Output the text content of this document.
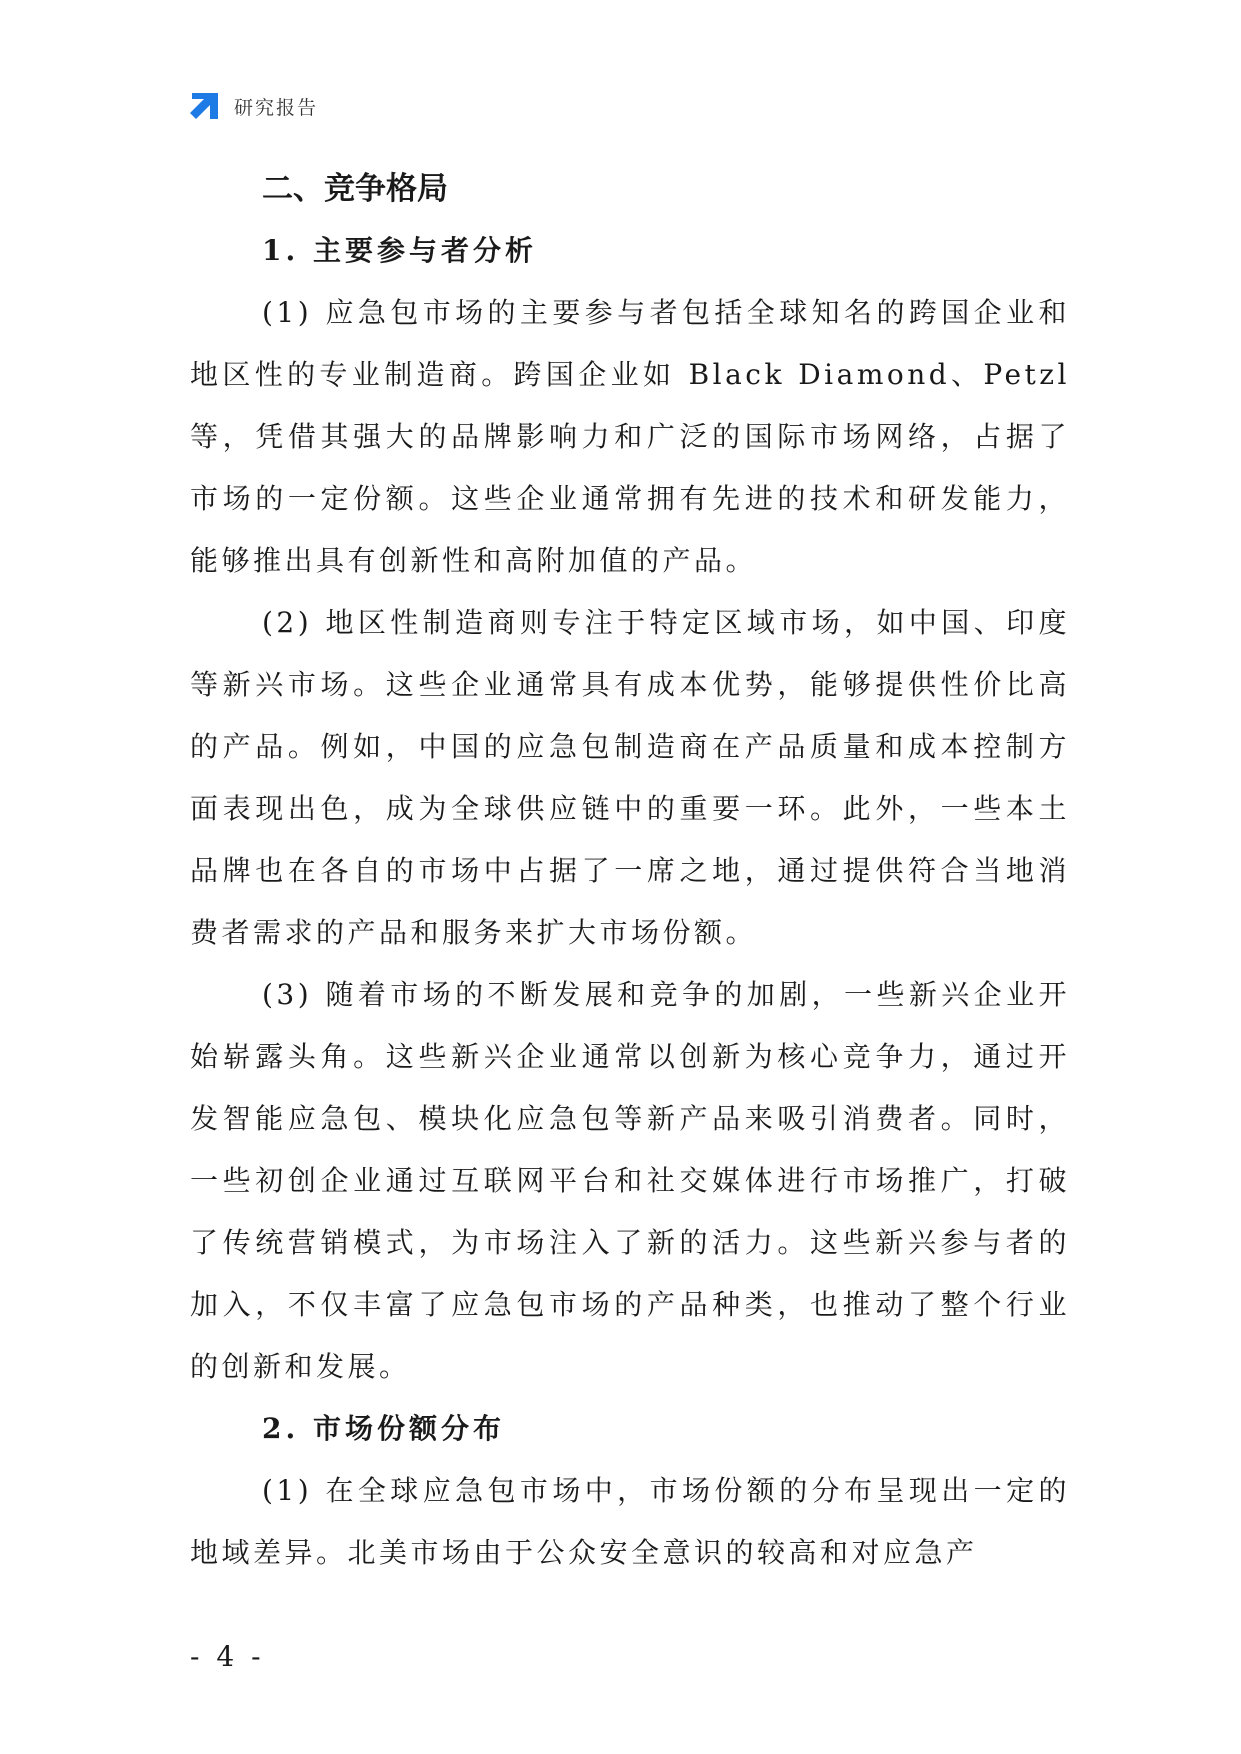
研究报告
二、竞争格局
1. 主要参与者分析

(1) 应急包市场的主要参与者包括全球知名的跨国企业和地区性的专业制造商。跨国企业如 Black Diamond、Petzl 等，凭借其强大的品牌影响力和广泛的国际市场网络，占据了市场的一定份额。这些企业通常拥有先进的技术和研发能力，能够推出具有创新性和高附加值的产品。

(2) 地区性制造商则专注于特定区域市场，如中国、印度等新兴市场。这些企业通常具有成本优势，能够提供性价比高的产品。例如，中国的应急包制造商在产品质量和成本控制方面表现出色，成为全球供应链中的重要一环。此外，一些本土品牌也在各自的市场中占据了一席之地，通过提供符合当地消费者需求的产品和服务来扩大市场份额。

(3) 随着市场的不断发展和竞争的加剧，一些新兴企业开始崭露头角。这些新兴企业通常以创新为核心竞争力，通过开发智能应急包、模块化应急包等新产品来吸引消费者。同时，一些初创企业通过互联网平台和社交媒体进行市场推广，打破了传统营销模式，为市场注入了新的活力。这些新兴参与者的加入，不仅丰富了应急包市场的产品种类，也推动了整个行业的创新和发展。

2. 市场份额分布

(1) 在全球应急包市场中，市场份额的分布呈现出一定的地域差异。北美市场由于公众安全意识的较高和对应急产

- 4 -
